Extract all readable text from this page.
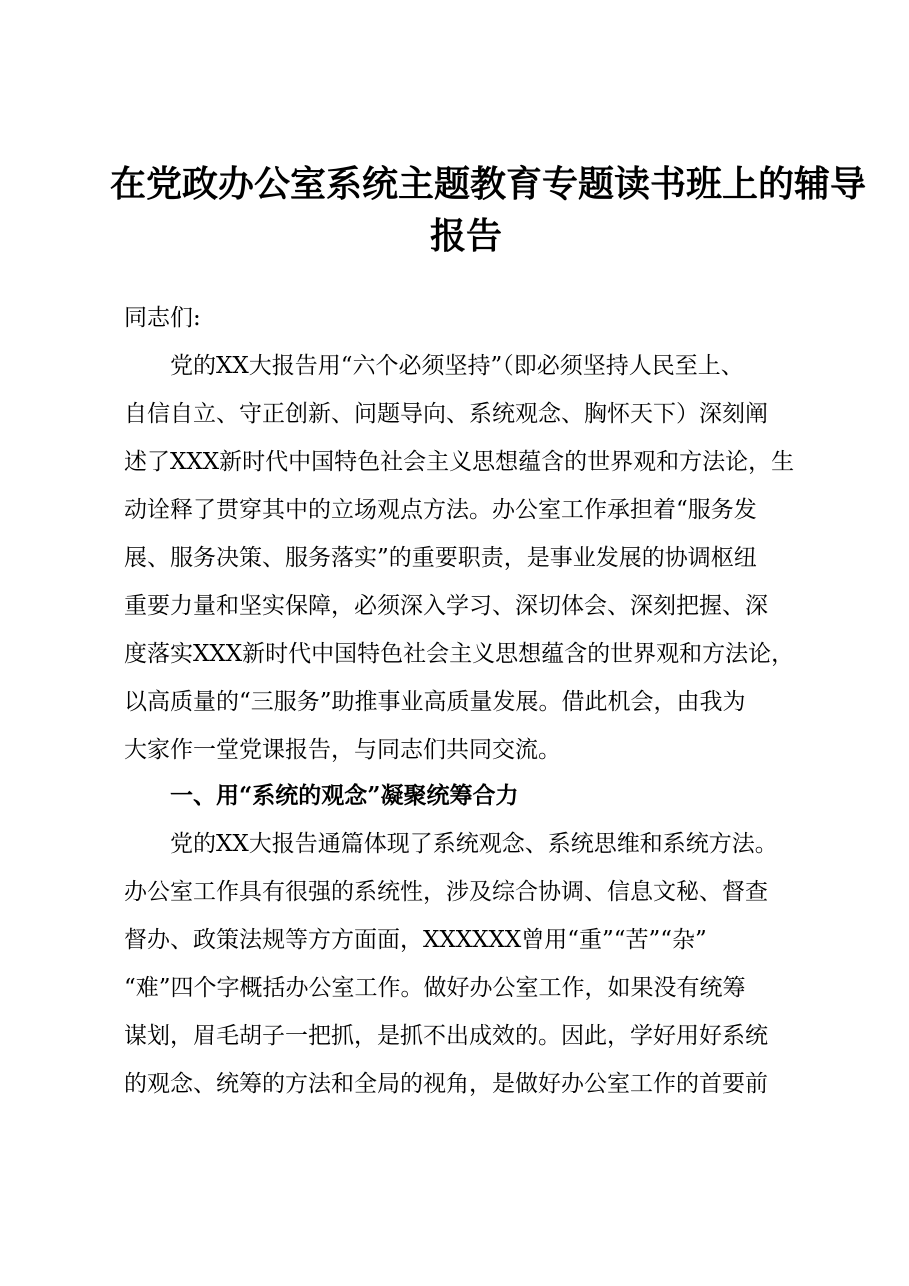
在党政办公室系统主题教育专题读书班上的辅导
报告
同志们:
党的XX大报告用“六个必须坚持”（即必须坚持人民至上、
自信自立、守正创新、问题导向、系统观念、胸怀天下）深刻阐
述了XXX新时代中国特色社会主义思想蕴含的世界观和方法论，生
动诠释了贯穿其中的立场观点方法。办公室工作承担着“服务发
展、服务决策、服务落实”的重要职责，是事业发展的协调枢纽
重要力量和坚实保障，必须深入学习、深切体会、深刻把握、深
度落实XXX新时代中国特色社会主义思想蕴含的世界观和方法论，
以高质量的“三服务”助推事业高质量发展。借此机会，由我为
大家作一堂党课报告，与同志们共同交流。
一、用“系统的观念”凝聚统筹合力
党的XX大报告通篇体现了系统观念、系统思维和系统方法。
办公室工作具有很强的系统性，涉及综合协调、信息文秘、督查
督办、政策法规等方方面面，XXXXXX曾用“重”“苦”“杂”
“难”四个字概括办公室工作。做好办公室工作，如果没有统筹
谋划，眉毛胡子一把抓，是抓不出成效的。因此，学好用好系统
的观念、统筹的方法和全局的视角，是做好办公室工作的首要前
